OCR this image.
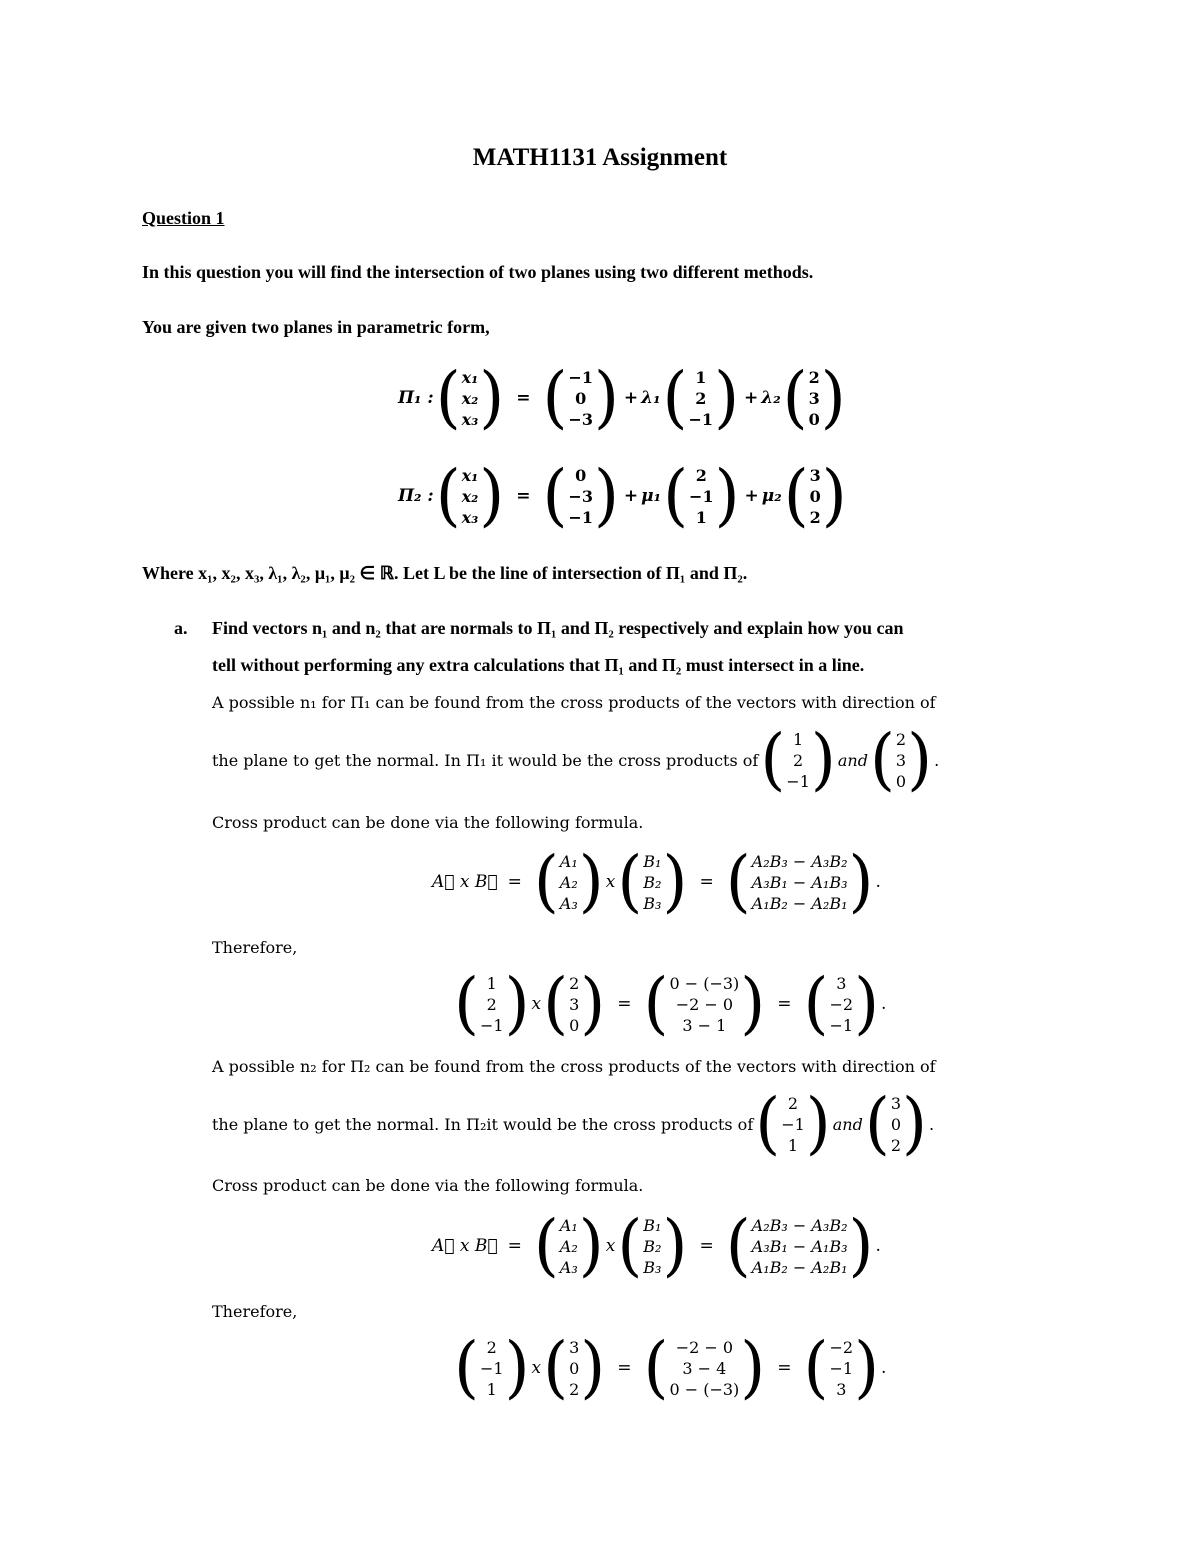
MATH1131 Assignment
Question 1
In this question you will find the intersection of two planes using two different methods.
You are given two planes in parametric form,
Π₁ : ( x₁
x₂
x₃ ) = ( −1
0
−3 ) + λ₁ ( 1
2
−1 ) + λ₂ ( 2
3
0 )
Π₂ : ( x₁
x₂
x₃ ) = ( 0
−3
−1 ) + μ₁ ( 2
−1
1 ) + μ₂ ( 3
0
2 )
Where x₁, x₂, x₃, λ₁, λ₂, μ₁, μ₂ ∈ ℝ. Let L be the line of intersection of Π₁ and Π₂.
a. Find vectors n₁ and n₂ that are normals to Π₁ and Π₂ respectively and explain how you can
tell without performing any extra calculations that Π₁ and Π₂ must intersect in a line.
A possible n₁ for Π₁ can be found from the cross products of the vectors with direction of
the plane to get the normal. In Π₁ it would be the cross products of ( 1
2
−1 ) and ( 2
3
0 ) .
Cross product can be done via the following formula.
A⃗ x B⃗ = ( A₁
A₂
A₃ ) x ( B₁
B₂
B₃ ) = ( A₂B₃ − A₃B₂
A₃B₁ − A₁B₃
A₁B₂ − A₂B₁ ) .
Therefore,
( 1
2
−1 ) x ( 2
3
0 ) = ( 0 − (−3)
−2 − 0
3 − 1 ) = ( 3
−2
−1 ) .
A possible n₂ for Π₂ can be found from the cross products of the vectors with direction of
the plane to get the normal. In Π₂it would be the cross products of ( 2
−1
1 ) and ( 3
0
2 ) .
Cross product can be done via the following formula.
A⃗ x B⃗ = ( A₁
A₂
A₃ ) x ( B₁
B₂
B₃ ) = ( A₂B₃ − A₃B₂
A₃B₁ − A₁B₃
A₁B₂ − A₂B₁ ) .
Therefore,
( 2
−1
1 ) x ( 3
0
2 ) = ( −2 − 0
3 − 4
0 − (−3) ) = ( −2
−1
3 ) .
